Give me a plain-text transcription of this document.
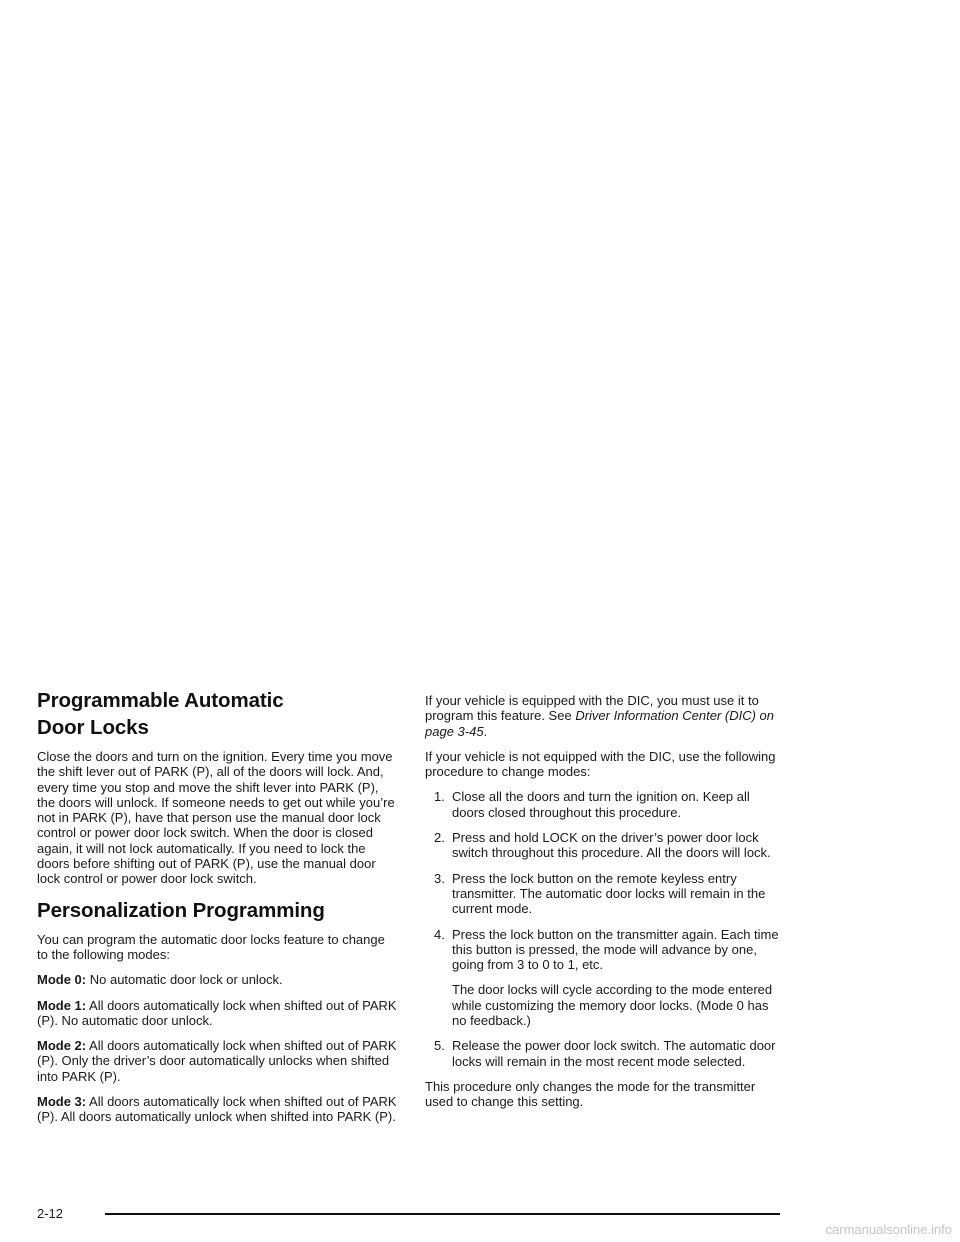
Programmable Automatic
Door Locks

Close the doors and turn on the ignition. Every time you move the shift lever out of PARK (P), all of the doors will lock. And, every time you stop and move the shift lever into PARK (P), the doors will unlock. If someone needs to get out while you’re not in PARK (P), have that person use the manual door lock control or power door lock switch. When the door is closed again, it will not lock automatically. If you need to lock the doors before shifting out of PARK (P), use the manual door lock control or power door lock switch.

Personalization Programming

You can program the automatic door locks feature to change to the following modes:

Mode 0: No automatic door lock or unlock.

Mode 1: All doors automatically lock when shifted out of PARK (P). No automatic door unlock.

Mode 2: All doors automatically lock when shifted out of PARK (P). Only the driver’s door automatically unlocks when shifted into PARK (P).

Mode 3: All doors automatically lock when shifted out of PARK (P). All doors automatically unlock when shifted into PARK (P).

If your vehicle is equipped with the DIC, you must use it to program this feature. See Driver Information Center (DIC) on page 3-45.

If your vehicle is not equipped with the DIC, use the following procedure to change modes:

1. Close all the doors and turn the ignition on. Keep all doors closed throughout this procedure.
2. Press and hold LOCK on the driver’s power door lock switch throughout this procedure. All the doors will lock.
3. Press the lock button on the remote keyless entry transmitter. The automatic door locks will remain in the current mode.
4. Press the lock button on the transmitter again. Each time this button is pressed, the mode will advance by one, going from 3 to 0 to 1, etc.
The door locks will cycle according to the mode entered while customizing the memory door locks. (Mode 0 has no feedback.)
5. Release the power door lock switch. The automatic door locks will remain in the most recent mode selected.

This procedure only changes the mode for the transmitter used to change this setting.

2-12
carmanualsonline.info
